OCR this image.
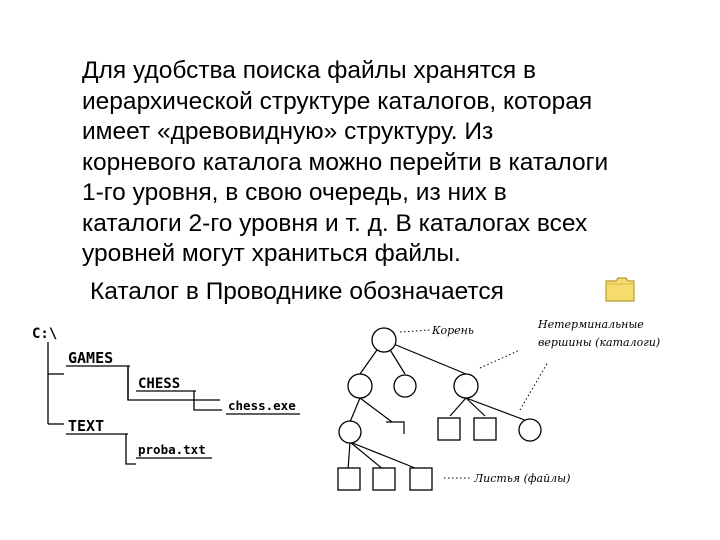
Для удобства поиска файлы хранятся в
иерархической структуре каталогов, которая
имеет «древовидную» структуру. Из
корневого каталога можно перейти в каталоги
1-го уровня, в свою очередь, из них в
каталоги 2-го уровня и т. д. В каталогах всех
уровней могут храниться файлы.
Каталог в Проводнике обозначается
C:\
GAMES
CHESS
chess.exe
TEXT
proba.txt
Корень	Нетерминальные
вершины (каталоги)
Листья (файлы)
